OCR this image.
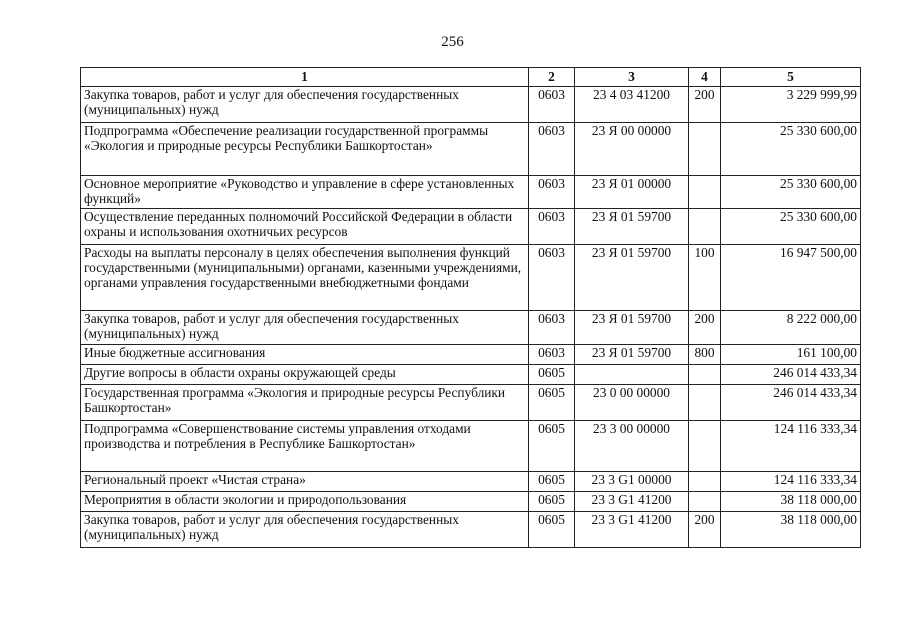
256
1	2	3	4	5
Закупка товаров, работ и услуг для обеспечения государственных (муниципальных) нужд	0603	23 4 03 41200	200	3 229 999,99
Подпрограмма «Обеспечение реализации государственной программы «Экология и природные ресурсы Республики Башкортостан»	0603	23 Я 00 00000		25 330 600,00
Основное мероприятие «Руководство и управление в сфере установленных функций»	0603	23 Я 01 00000		25 330 600,00
Осуществление переданных полномочий Российской Федерации в области охраны и использования охотничьих ресурсов	0603	23 Я 01 59700		25 330 600,00
Расходы на выплаты персоналу в целях обеспечения выполнения функций государственными (муниципальными) органами, казенными учреждениями, органами управления государственными внебюджетными фондами	0603	23 Я 01 59700	100	16 947 500,00
Закупка товаров, работ и услуг для обеспечения государственных (муниципальных) нужд	0603	23 Я 01 59700	200	8 222 000,00
Иные бюджетные ассигнования	0603	23 Я 01 59700	800	161 100,00
Другие вопросы в области охраны окружающей среды	0605			246 014 433,34
Государственная программа «Экология и природные ресурсы Республики Башкортостан»	0605	23 0 00 00000		246 014 433,34
Подпрограмма «Совершенствование системы управления отходами производства и потребления в Республике Башкортостан»	0605	23 3 00 00000		124 116 333,34
Региональный проект «Чистая страна»	0605	23 3 G1 00000		124 116 333,34
Мероприятия в области экологии и природопользования	0605	23 3 G1 41200		38 118 000,00
Закупка товаров, работ и услуг для обеспечения государственных (муниципальных) нужд	0605	23 3 G1 41200	200	38 118 000,00
